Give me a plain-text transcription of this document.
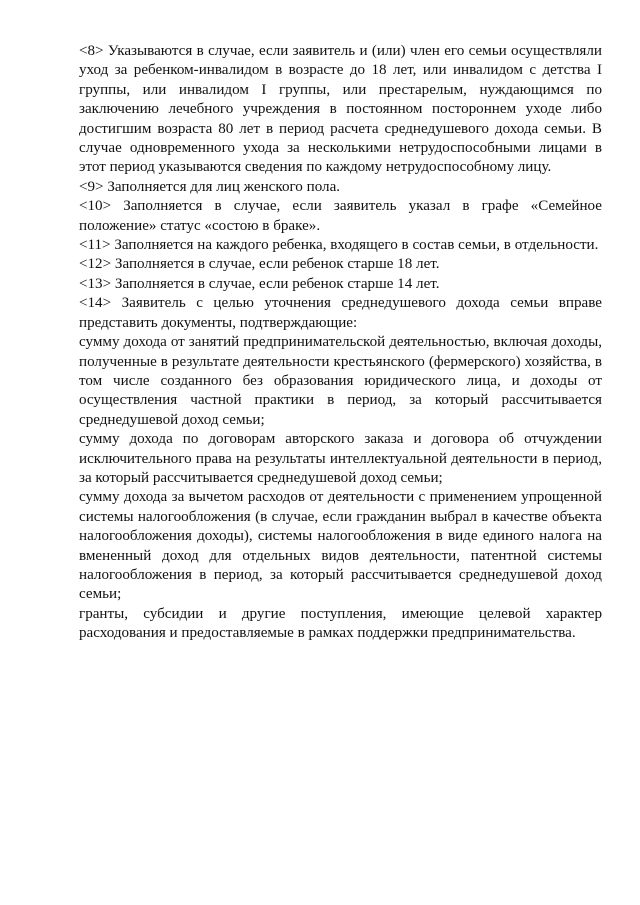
<8> Указываются в случае, если заявитель и (или) член его семьи осуществляли уход за ребенком-инвалидом в возрасте до 18 лет, или инвалидом с детства I группы, или инвалидом I группы, или престарелым, нуждающимся по заключению лечебного учреждения в постоянном постороннем уходе либо достигшим возраста 80 лет в период расчета среднедушевого дохода семьи. В случае одновременного ухода за несколькими нетрудоспособными лицами в этот период указываются сведения по каждому нетрудоспособному лицу.

<9> Заполняется для лиц женского пола.

<10> Заполняется в случае, если заявитель указал в графе «Семейное положение» статус «состою в браке».

<11> Заполняется на каждого ребенка, входящего в состав семьи, в отдельности.

<12> Заполняется в случае, если ребенок старше 18 лет.

<13> Заполняется в случае, если ребенок старше 14 лет.

<14> Заявитель с целью уточнения среднедушевого дохода семьи вправе представить документы, подтверждающие:

сумму дохода от занятий предпринимательской деятельностью, включая доходы, полученные в результате деятельности крестьянского (фермерского) хозяйства, в том числе созданного без образования юридического лица, и доходы от осуществления частной практики в период, за который рассчитывается среднедушевой доход семьи;

сумму дохода по договорам авторского заказа и договора об отчуждении исключительного права на результаты интеллектуальной деятельности в период, за который рассчитывается среднедушевой доход семьи;

сумму дохода за вычетом расходов от деятельности с применением упрощенной системы налогообложения (в случае, если гражданин выбрал в качестве объекта налогообложения доходы), системы налогообложения в виде единого налога на вмененный доход для отдельных видов деятельности, патентной системы налогообложения в период, за который рассчитывается среднедушевой доход семьи;

гранты, субсидии и другие поступления, имеющие целевой характер расходования и предоставляемые в рамках поддержки предпринимательства.
